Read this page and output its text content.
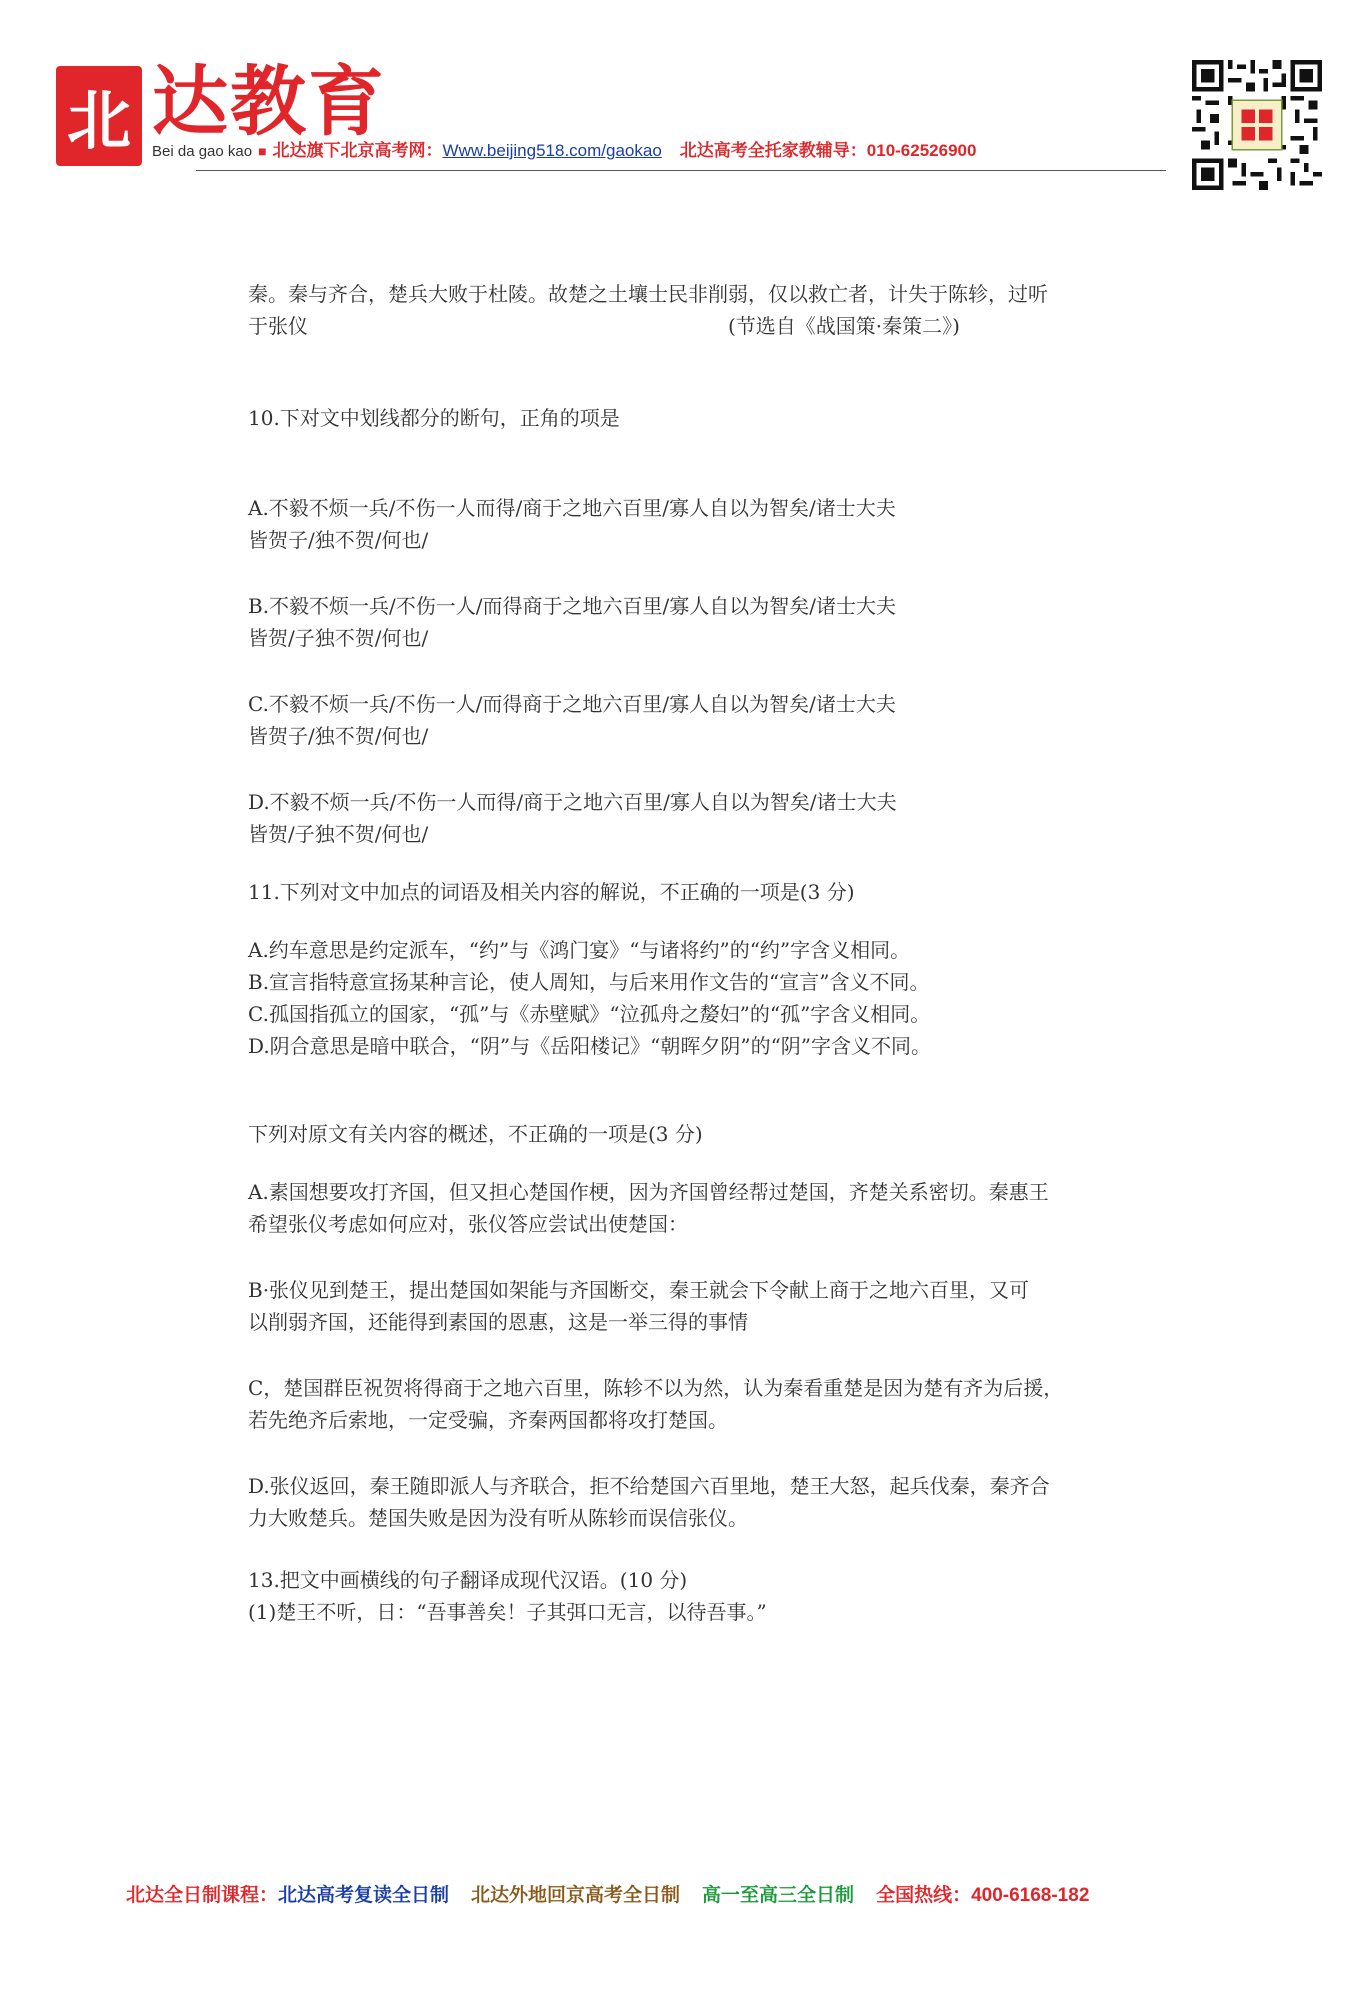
北 达教育
Bei da gao kao ■ 北达旗下北京高考网：Www.beijing518.com/gaokao 北达高考全托家教辅导：010-62526900

秦。秦与齐合，楚兵大败于杜陵。故楚之土壤士民非削弱，仅以救亡者，计失于陈轸，过听

于张仪	(节选自《战国策·秦策二》)

10.下对文中划线都分的断句，正角的项是

A.不毅不烦一兵/不伤一人而得/商于之地六百里/寡人自以为智矣/诸士大夫

皆贺子/独不贺/何也/

B.不毅不烦一兵/不伤一人/而得商于之地六百里/寡人自以为智矣/诸士大夫

皆贺/子独不贺/何也/

C.不毅不烦一兵/不伤一人/而得商于之地六百里/寡人自以为智矣/诸士大夫

皆贺子/独不贺/何也/

D.不毅不烦一兵/不伤一人而得/商于之地六百里/寡人自以为智矣/诸士大夫

皆贺/子独不贺/何也/

11.下列对文中加点的词语及相关内容的解说，不正确的一项是(3 分)

A.约车意思是约定派车，“约”与《鸿门宴》“与诸将约”的“约”字含义相同。

B.宣言指特意宣扬某种言论，使人周知，与后来用作文告的“宣言”含义不同。

C.孤国指孤立的国家，“孤”与《赤壁赋》“泣孤舟之嫠妇”的“孤”字含义相同。

D.阴合意思是暗中联合，“阴”与《岳阳楼记》“朝晖夕阴”的“阴”字含义不同。

下列对原文有关内容的概述，不正确的一项是(3 分)

A.素国想要攻打齐国，但又担心楚国作梗，因为齐国曾经帮过楚国，齐楚关系密切。秦惠王

希望张仪考虑如何应对，张仪答应尝试出使楚国：

B·张仪见到楚王，提出楚国如架能与齐国断交，秦王就会下令献上商于之地六百里，又可

以削弱齐国，还能得到素国的恩惠，这是一举三得的事情

C，楚国群臣祝贺将得商于之地六百里，陈轸不以为然，认为秦看重楚是因为楚有齐为后援，

若先绝齐后索地，一定受骗，齐秦两国都将攻打楚国。

D.张仪返回，秦王随即派人与齐联合，拒不给楚国六百里地，楚王大怒，起兵伐秦，秦齐合

力大败楚兵。楚国失败是因为没有听从陈轸而误信张仪。

13.把文中画横线的句子翻译成现代汉语。(10 分)

(1)楚王不听，日：“吾事善矣！子其弭口无言，以待吾事。”

北达全日制课程：北达高考复读全日制 北达外地回京高考全日制 高一至高三全日制 全国热线：400-6168-182
